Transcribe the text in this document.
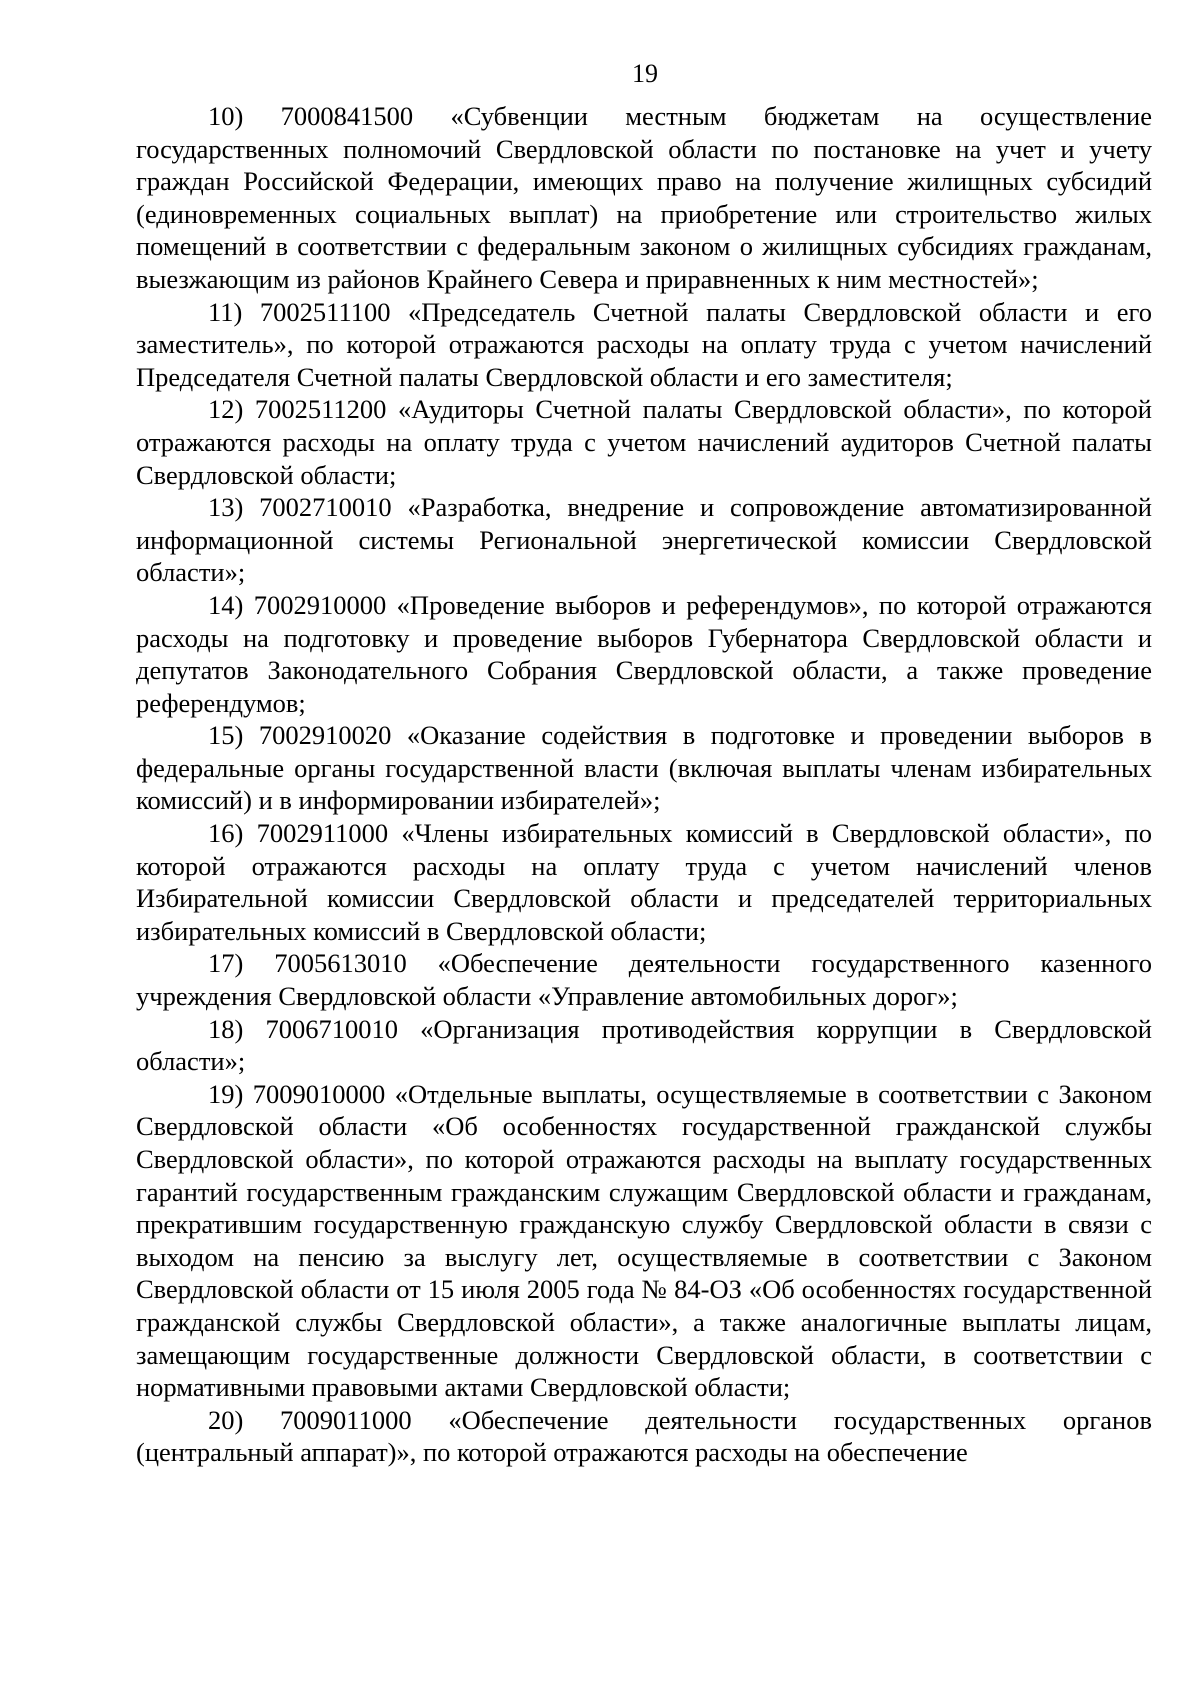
19

10) 7000841500 «Субвенции местным бюджетам на осуществление государственных полномочий Свердловской области по постановке на учет и учету граждан Российской Федерации, имеющих право на получение жилищных субсидий (единовременных социальных выплат) на приобретение или строительство жилых помещений в соответствии с федеральным законом о жилищных субсидиях гражданам, выезжающим из районов Крайнего Севера и приравненных к ним местностей»;

11) 7002511100 «Председатель Счетной палаты Свердловской области и его заместитель», по которой отражаются расходы на оплату труда с учетом начислений Председателя Счетной палаты Свердловской области и его заместителя;

12) 7002511200 «Аудиторы Счетной палаты Свердловской области», по которой отражаются расходы на оплату труда с учетом начислений аудиторов Счетной палаты Свердловской области;

13) 7002710010 «Разработка, внедрение и сопровождение автоматизированной информационной системы Региональной энергетической комиссии Свердловской области»;

14) 7002910000 «Проведение выборов и референдумов», по которой отражаются расходы на подготовку и проведение выборов Губернатора Свердловской области и депутатов Законодательного Собрания Свердловской области, а также проведение референдумов;

15) 7002910020 «Оказание содействия в подготовке и проведении выборов в федеральные органы государственной власти (включая выплаты членам избирательных комиссий) и в информировании избирателей»;

16) 7002911000 «Члены избирательных комиссий в Свердловской области», по которой отражаются расходы на оплату труда с учетом начислений членов Избирательной комиссии Свердловской области и председателей территориальных избирательных комиссий в Свердловской области;

17) 7005613010 «Обеспечение деятельности государственного казенного учреждения Свердловской области «Управление автомобильных дорог»;

18) 7006710010 «Организация противодействия коррупции в Свердловской области»;

19) 7009010000 «Отдельные выплаты, осуществляемые в соответствии с Законом Свердловской области «Об особенностях государственной гражданской службы Свердловской области», по которой отражаются расходы на выплату государственных гарантий государственным гражданским служащим Свердловской области и гражданам, прекратившим государственную гражданскую службу Свердловской области в связи с выходом на пенсию за выслугу лет, осуществляемые в соответствии с Законом Свердловской области от 15 июля 2005 года № 84-ОЗ «Об особенностях государственной гражданской службы Свердловской области», а также аналогичные выплаты лицам, замещающим государственные должности Свердловской области, в соответствии с нормативными правовыми актами Свердловской области;

20) 7009011000 «Обеспечение деятельности государственных органов (центральный аппарат)», по которой отражаются расходы на обеспечение
